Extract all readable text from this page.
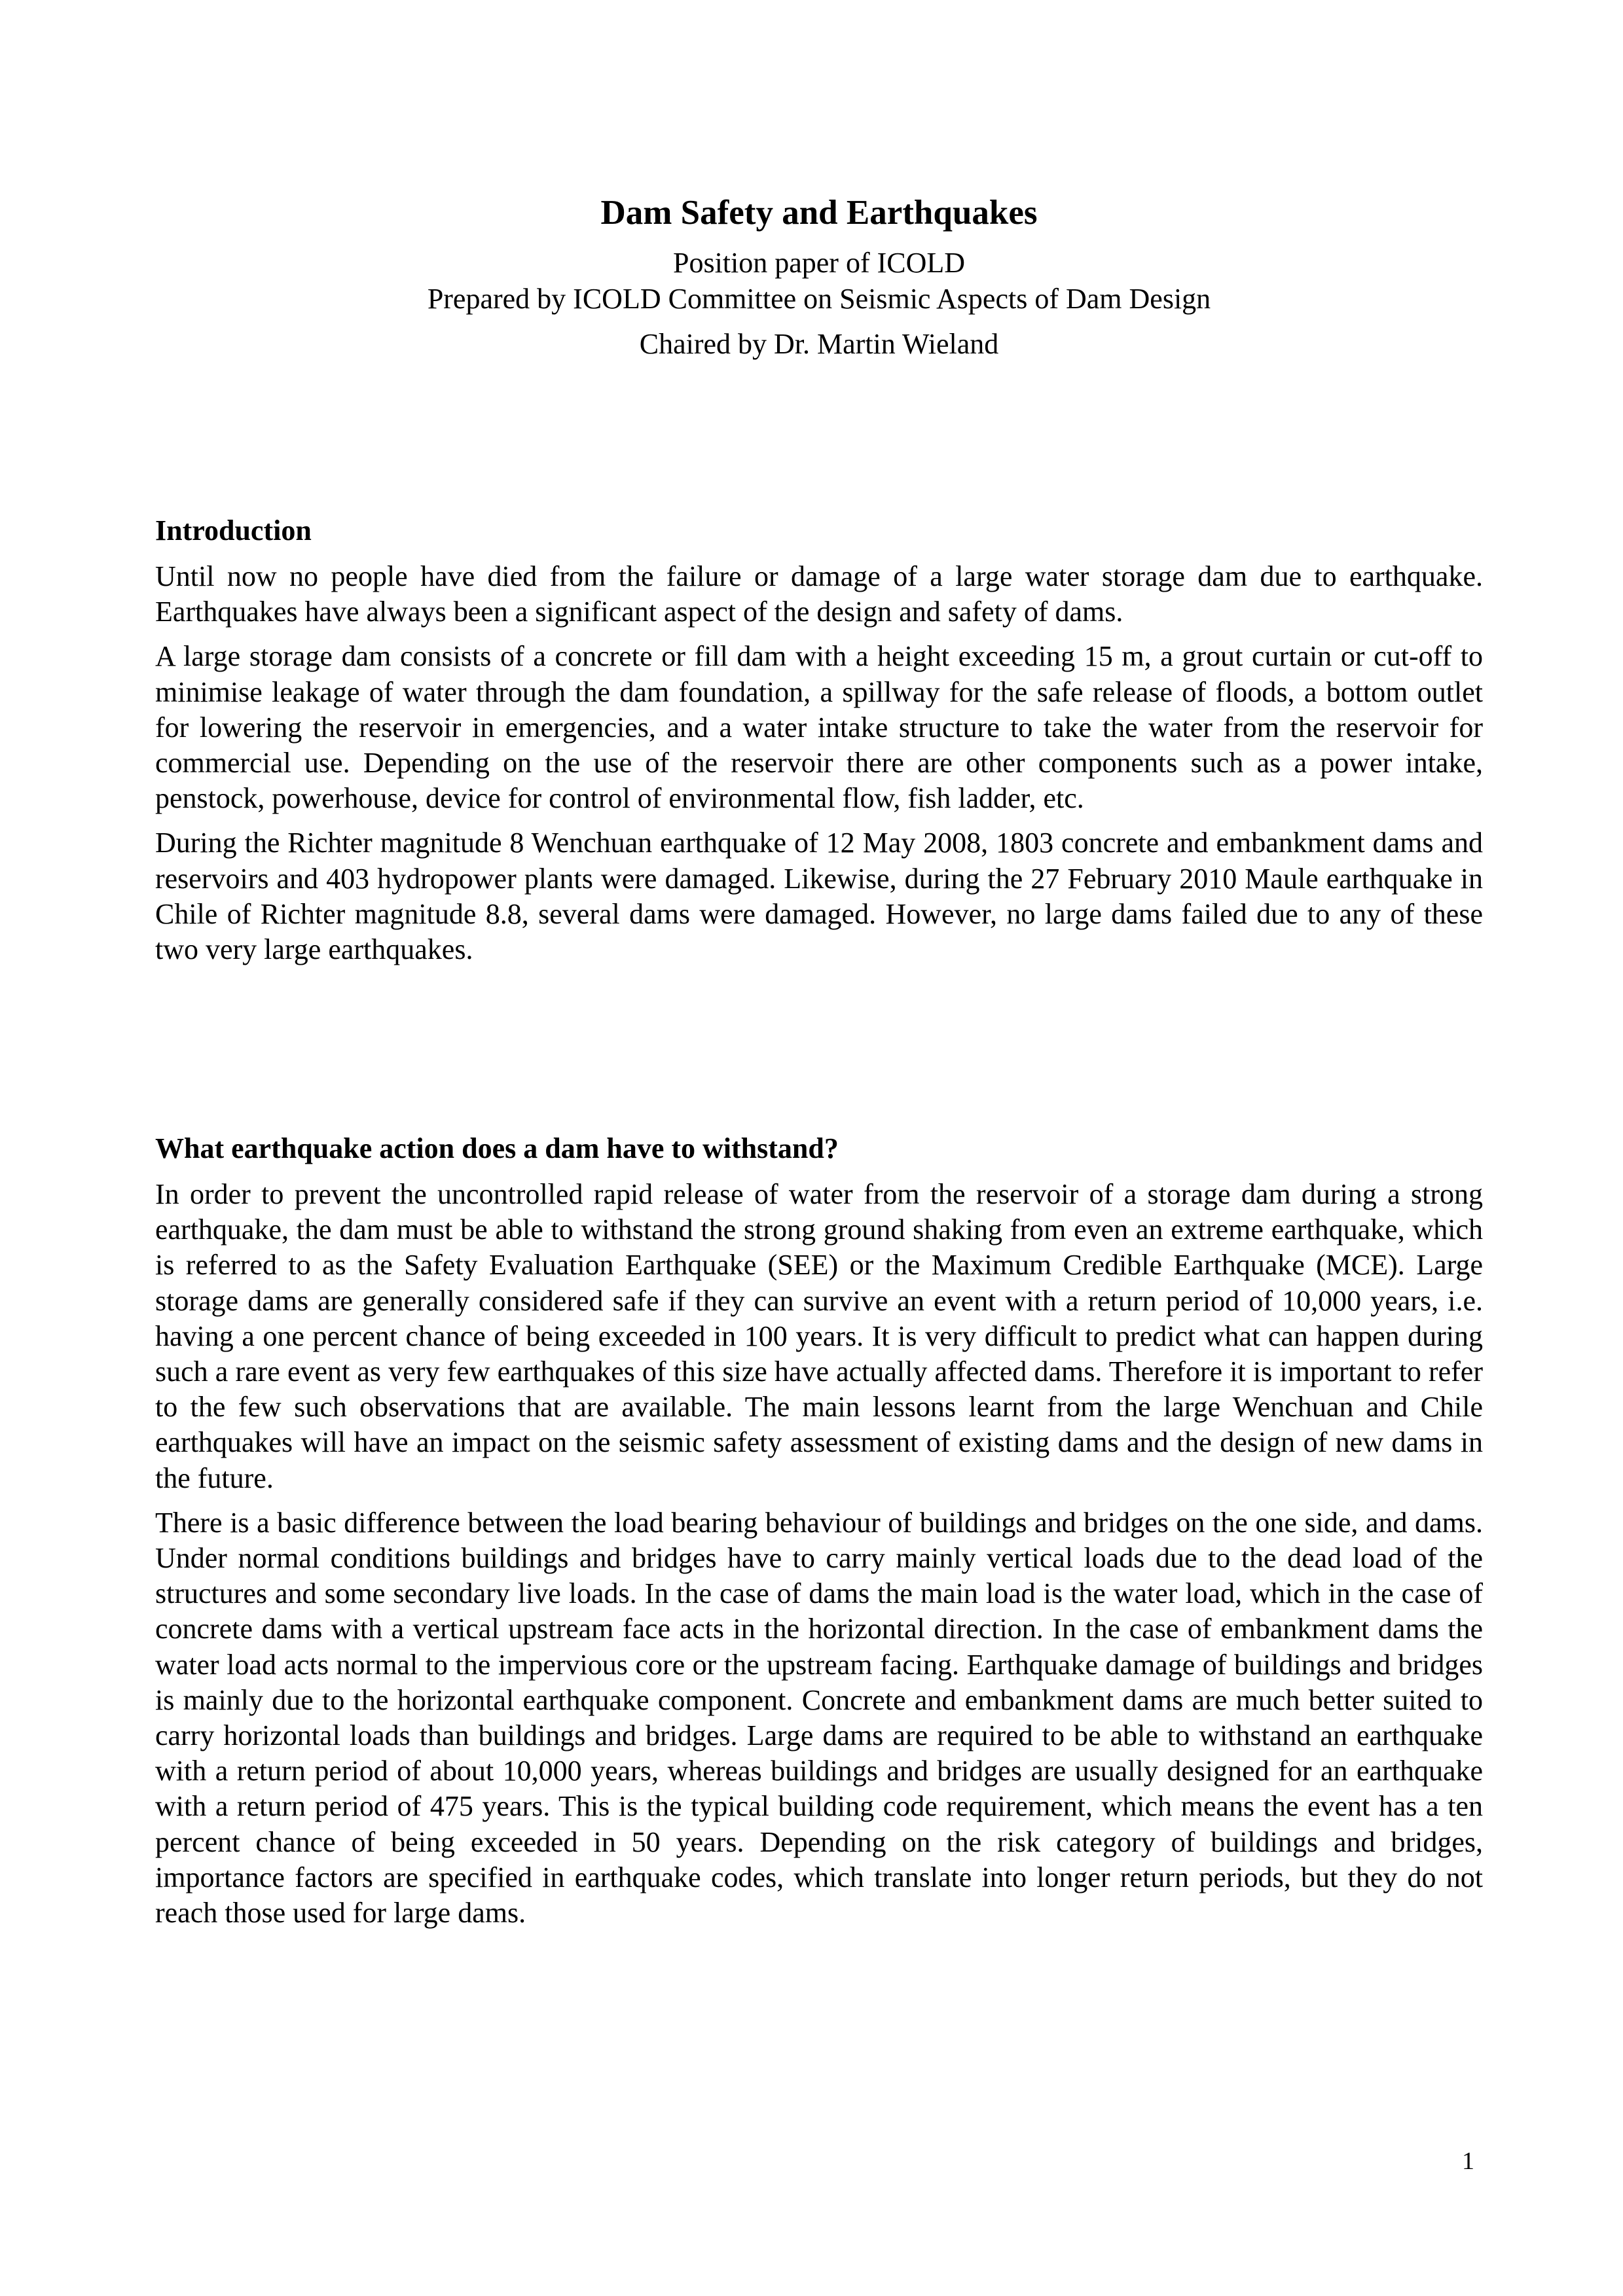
Dam Safety and Earthquakes

Position paper of ICOLD

Prepared by ICOLD Committee on Seismic Aspects of Dam Design

Chaired by Dr. Martin Wieland

Introduction

Until now no people have died from the failure or damage of a large water storage dam due to earthquake. Earthquakes have always been a significant aspect of the design and safety of dams.

A large storage dam consists of a concrete or fill dam with a height exceeding 15 m, a grout curtain or cut-off to minimise leakage of water through the dam foundation, a spillway for the safe release of floods, a bottom outlet for lowering the reservoir in emergencies, and a water intake structure to take the water from the reservoir for commercial use. Depending on the use of the reservoir there are other components such as a power intake, penstock, powerhouse, device for control of environmental flow, fish ladder, etc.

During the Richter magnitude 8 Wenchuan earthquake of 12 May 2008, 1803 concrete and embankment dams and reservoirs and 403 hydropower plants were damaged. Likewise, during the 27 February 2010 Maule earthquake in Chile of Richter magnitude 8.8, several dams were damaged. However, no large dams failed due to any of these two very large earthquakes.

What earthquake action does a dam have to withstand?

In order to prevent the uncontrolled rapid release of water from the reservoir of a storage dam during a strong earthquake, the dam must be able to withstand the strong ground shaking from even an extreme earthquake, which is referred to as the Safety Evaluation Earthquake (SEE) or the Maximum Credible Earthquake (MCE). Large storage dams are generally considered safe if they can survive an event with a return period of 10,000 years, i.e. having a one percent chance of being exceeded in 100 years. It is very difficult to predict what can happen during such a rare event as very few earthquakes of this size have actually affected dams. Therefore it is important to refer to the few such observations that are available. The main lessons learnt from the large Wenchuan and Chile earthquakes will have an impact on the seismic safety assessment of existing dams and the design of new dams in the future.

There is a basic difference between the load bearing behaviour of buildings and bridges on the one side, and dams. Under normal conditions buildings and bridges have to carry mainly vertical loads due to the dead load of the structures and some secondary live loads. In the case of dams the main load is the water load, which in the case of concrete dams with a vertical upstream face acts in the horizontal direction. In the case of embankment dams the water load acts normal to the impervious core or the upstream facing. Earthquake damage of buildings and bridges is mainly due to the horizontal earthquake component. Concrete and embankment dams are much better suited to carry horizontal loads than buildings and bridges. Large dams are required to be able to withstand an earthquake with a return period of about 10,000 years, whereas buildings and bridges are usually designed for an earthquake with a return period of 475 years. This is the typical building code requirement, which means the event has a ten percent chance of being exceeded in 50 years. Depending on the risk category of buildings and bridges, importance factors are specified in earthquake codes, which translate into longer return periods, but they do not reach those used for large dams.

1
